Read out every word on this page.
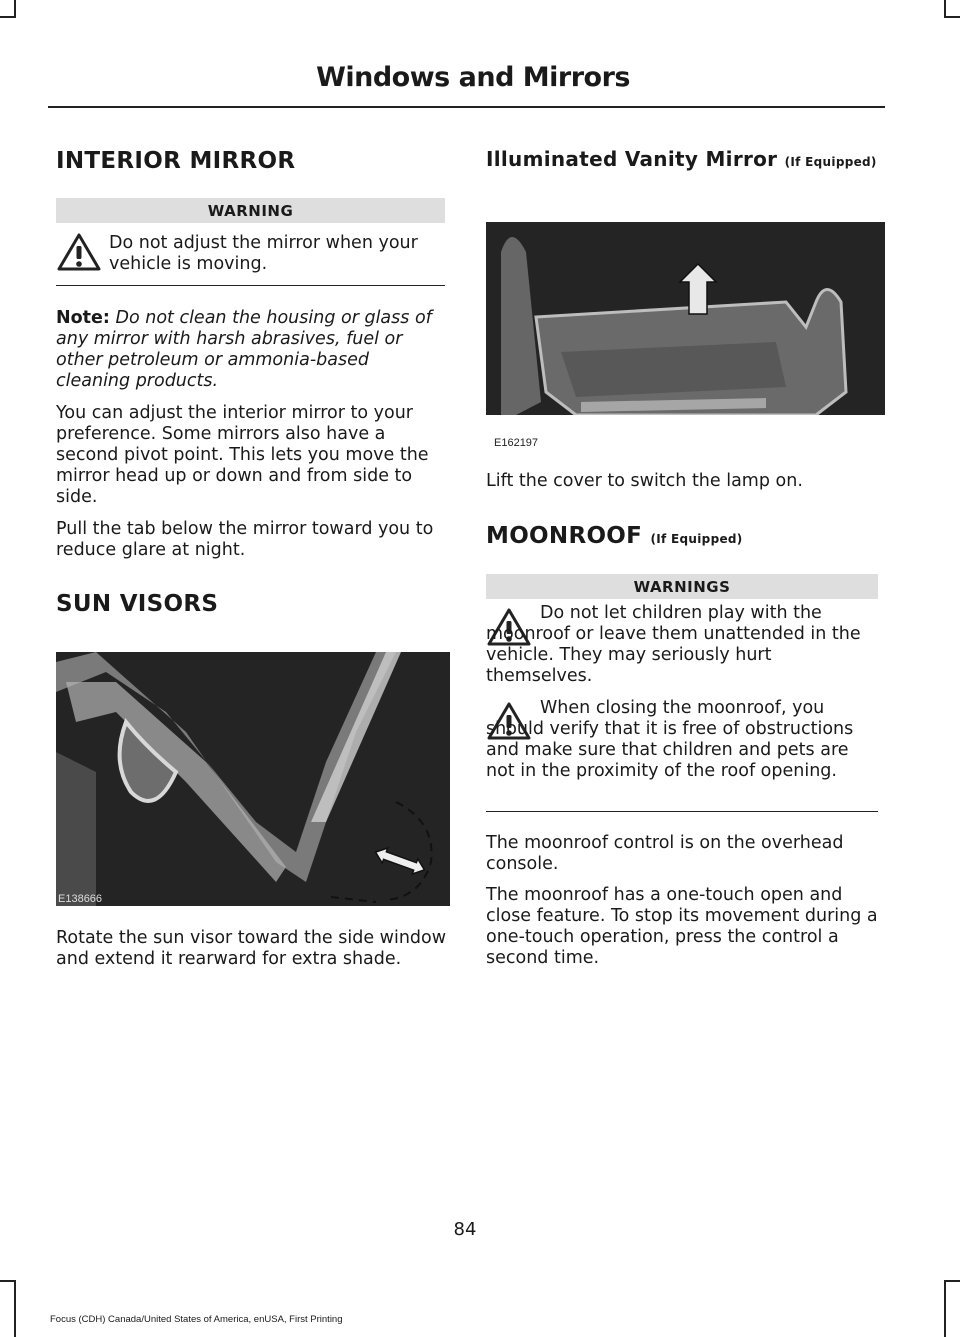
Windows and Mirrors
INTERIOR MIRROR
WARNING
Do not adjust the mirror when your vehicle is moving.
Note: Do not clean the housing or glass of any mirror with harsh abrasives, fuel or other petroleum or ammonia-based cleaning products.
You can adjust the interior mirror to your preference. Some mirrors also have a second pivot point. This lets you move the mirror head up or down and from side to side.
Pull the tab below the mirror toward you to reduce glare at night.
SUN VISORS
E138666
Rotate the sun visor toward the side window and extend it rearward for extra shade.
Illuminated Vanity Mirror (If Equipped)
E162197
Lift the cover to switch the lamp on.
MOONROOF (If Equipped)
WARNINGS
Do not let children play with the moonroof or leave them unattended in the vehicle. They may seriously hurt themselves.
When closing the moonroof, you should verify that it is free of obstructions and make sure that children and pets are not in the proximity of the roof opening.
The moonroof control is on the overhead console.
The moonroof has a one-touch open and close feature. To stop its movement during a one-touch operation, press the control a second time.
84
Focus (CDH) Canada/United States of America, enUSA, First Printing
